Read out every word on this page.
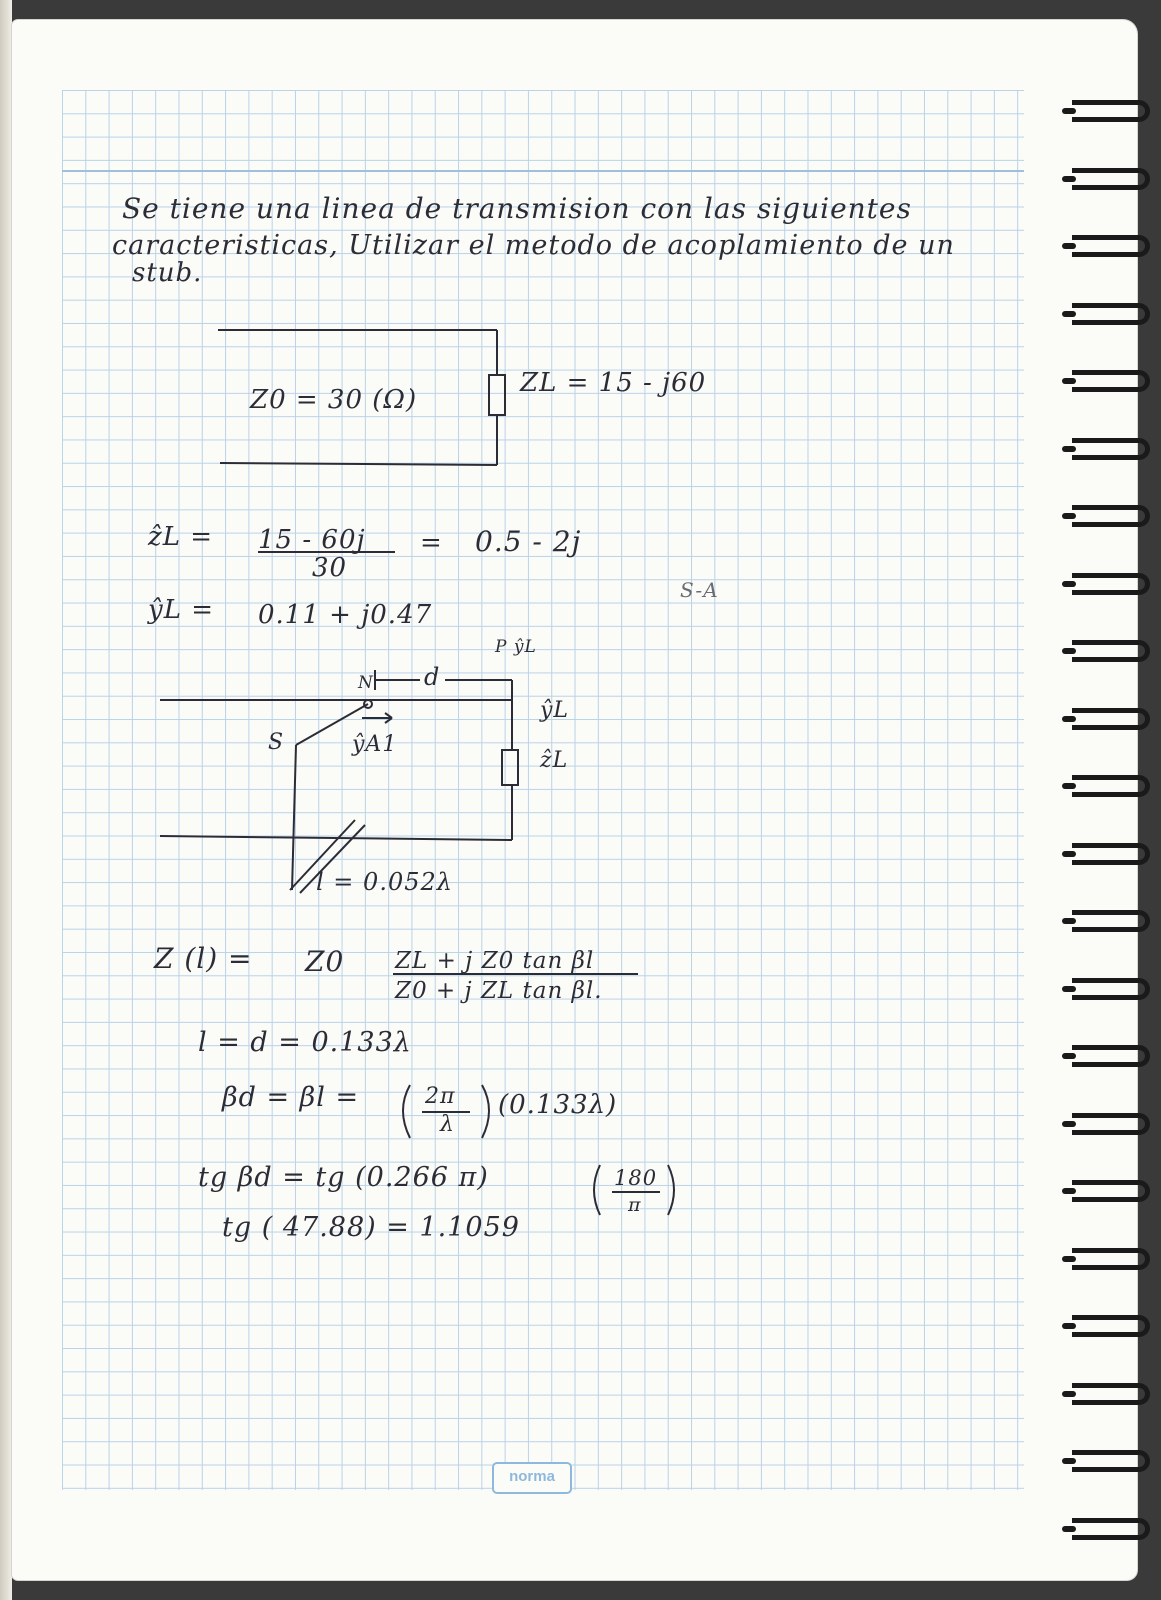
Se tiene una linea de transmision con las siguientes
caracteristicas, Utilizar el metodo de acoplamiento de un
stub.
Z0 = 30 (Ω)
ZL = 15 - j60
ẑL = 15 - 60j
30
= 0.5 - 2j
ŷL = 0.11 + j0.47
S-A
P ŷL
N d
ŷL
ẑL
S	ŷA1
l = 0.052λ
Z (l) = Z0 ZL + j Z0 tan βl
Z0 + j ZL tan βl.
l = d = 0.133λ
βd = βl =	2π
λ
(0.133λ)
tg βd = tg (0.266 π)	180
π
tg ( 47.88) = 1.1059
norma
